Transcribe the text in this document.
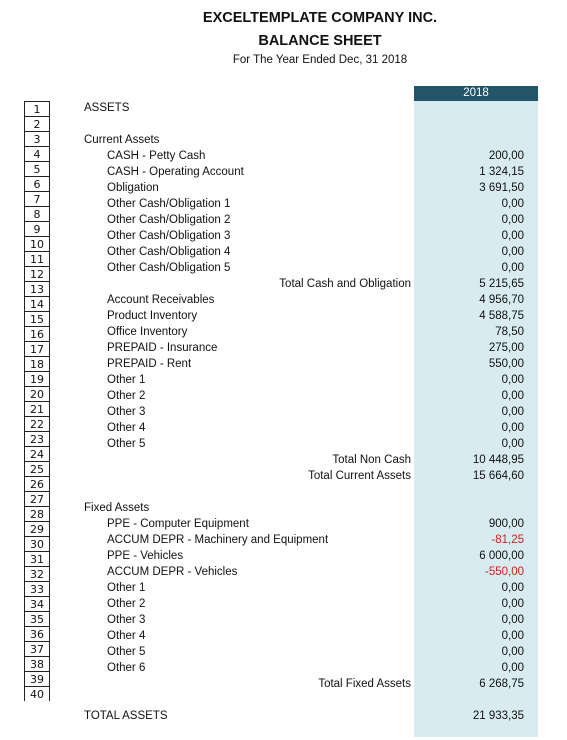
EXCELTEMPLATE COMPANY INC.
BALANCE SHEET
For The Year Ended Dec, 31 2018
2018
1
2
3
4
5
6
7
8
9
10
11
12
13
14
15
16
17
18
19
20
21
22
23
24
25
26
27
28
29
30
31
32
33
34
35
36
37
38
39
40
ASSETS
Current Assets
CASH - Petty Cash	200,00
CASH - Operating Account	1 324,15
Obligation	3 691,50
Other Cash/Obligation 1	0,00
Other Cash/Obligation 2	0,00
Other Cash/Obligation 3	0,00
Other Cash/Obligation 4	0,00
Other Cash/Obligation 5	0,00
Total Cash and Obligation	5 215,65
Account Receivables	4 956,70
Product Inventory	4 588,75
Office Inventory	78,50
PREPAID - Insurance	275,00
PREPAID - Rent	550,00
Other 1	0,00
Other 2	0,00
Other 3	0,00
Other 4	0,00
Other 5	0,00
Total Non Cash	10 448,95
Total Current Assets	15 664,60
Fixed Assets
PPE - Computer Equipment	900,00
ACCUM DEPR - Machinery and Equipment	-81,25
PPE - Vehicles	6 000,00
ACCUM DEPR - Vehicles	-550,00
Other 1	0,00
Other 2	0,00
Other 3	0,00
Other 4	0,00
Other 5	0,00
Other 6	0,00
Total Fixed Assets	6 268,75
TOTAL ASSETS	21 933,35
